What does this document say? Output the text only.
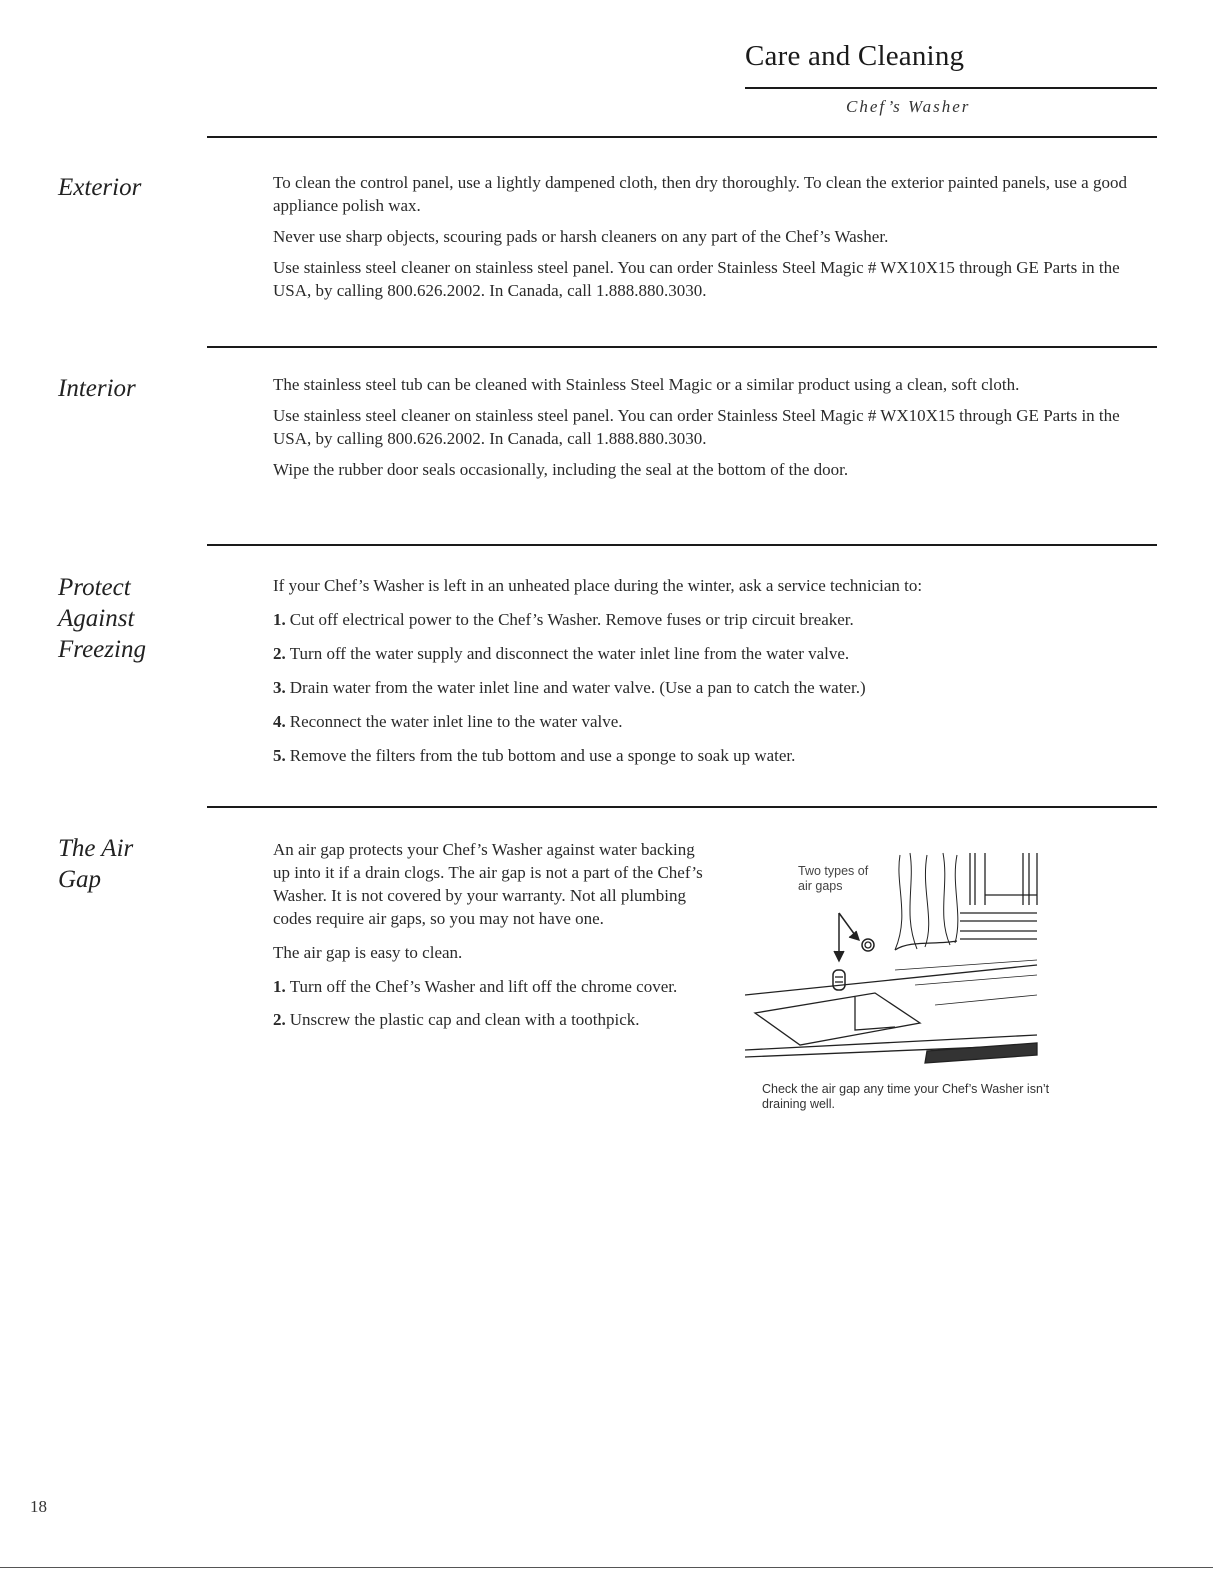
Care and Cleaning
Chef’s Washer
Exterior	To clean the control panel, use a lightly dampened cloth, then dry thoroughly. To clean the exterior painted panels, use a good appliance polish wax.

Never use sharp objects, scouring pads or harsh cleaners on any part of the Chef’s Washer.

Use stainless steel cleaner on stainless steel panel. You can order Stainless Steel Magic # WX10X15 through GE Parts in the USA, by calling 800.626.2002. In Canada, call 1.888.880.3030.

Interior	The stainless steel tub can be cleaned with Stainless Steel Magic or a similar product using a clean, soft cloth.

Use stainless steel cleaner on stainless steel panel. You can order Stainless Steel Magic # WX10X15 through GE Parts in the USA, by calling 800.626.2002. In Canada, call 1.888.880.3030.

Wipe the rubber door seals occasionally, including the seal at the bottom of the door.

Protect
Against
Freezing

If your Chef’s Washer is left in an unheated place during the winter, ask a service technician to:

1. Cut off electrical power to the Chef’s Washer. Remove fuses or trip circuit breaker.
2. Turn off the water supply and disconnect the water inlet line from the water valve.
3. Drain water from the water inlet line and water valve. (Use a pan to catch the water.)
4. Reconnect the water inlet line to the water valve.
5. Remove the filters from the tub bottom and use a sponge to soak up water.
The Air
Gap

An air gap protects your Chef’s Washer against water backing up into it if a drain clogs. The air gap is not a part of the Chef’s Washer. It is not covered by your warranty. Not all plumbing codes require air gaps, so you may not have one.

The air gap is easy to clean.

1. Turn off the Chef’s Washer and lift off the chrome cover.
2. Unscrew the plastic cap and clean with a toothpick.
Two types of air gaps
Check the air gap any time your Chef’s Washer isn’t draining well.
18
